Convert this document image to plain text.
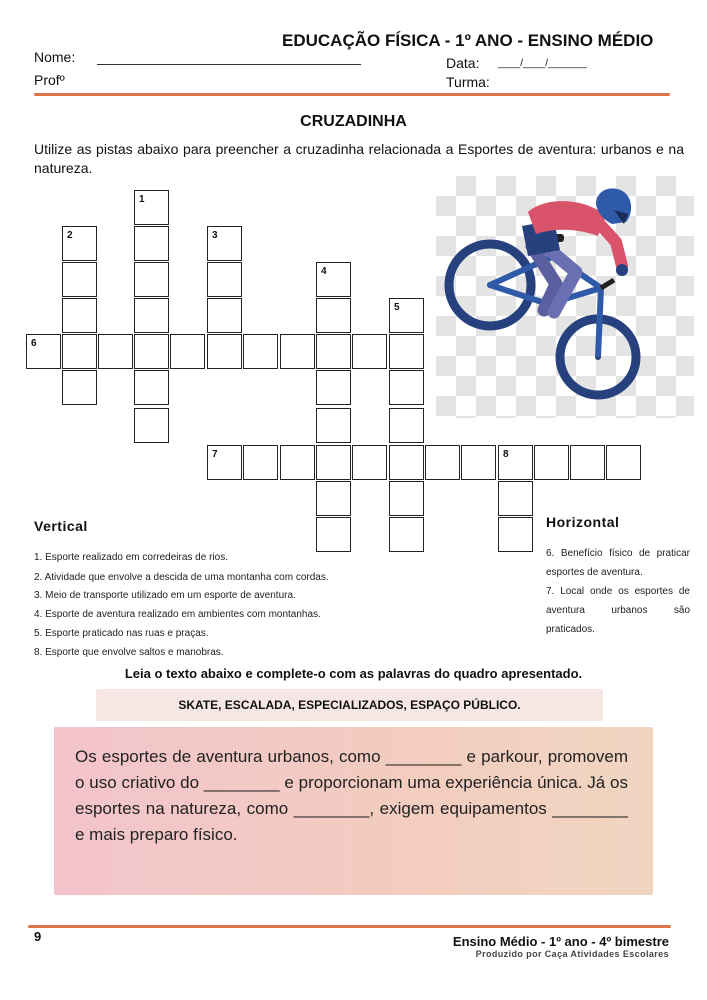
EDUCAÇÃO FÍSICA - 1º ANO - ENSINO MÉDIO
Nome:	Data: ____/____/_______
Profº	Turma:
CRUZADINHA
Utilize as pistas abaixo para preencher a cruzadinha relacionada a Esportes de aventura: urbanos e na natureza.
1
2	3
4
5
6
7	8
Vertical
1. Esporte realizado em corredeiras de rios.
2. Atividade que envolve a descida de uma montanha com cordas.
3. Meio de transporte utilizado em um esporte de aventura.
4. Esporte de aventura realizado em ambientes com montanhas.
5. Esporte praticado nas ruas e praças.
8. Esporte que envolve saltos e manobras.
Horizontal

6. Benefício físico de praticar esportes de aventura.

7. Local onde os esportes de aventura urbanos são praticados.

Leia o texto abaixo e complete-o com as palavras do quadro apresentado.
SKATE, ESCALADA, ESPECIALIZADOS, ESPAÇO PÚBLICO.
Os esportes de aventura urbanos, como ________ e parkour, promovem o uso criativo do ________ e proporcionam uma experiência única. Já os esportes na natureza, como ________, exigem equipamentos ________ e mais preparo físico.
9	Ensino Médio - 1º ano - 4º bimestre
Produzido por Caça Atividades Escolares
